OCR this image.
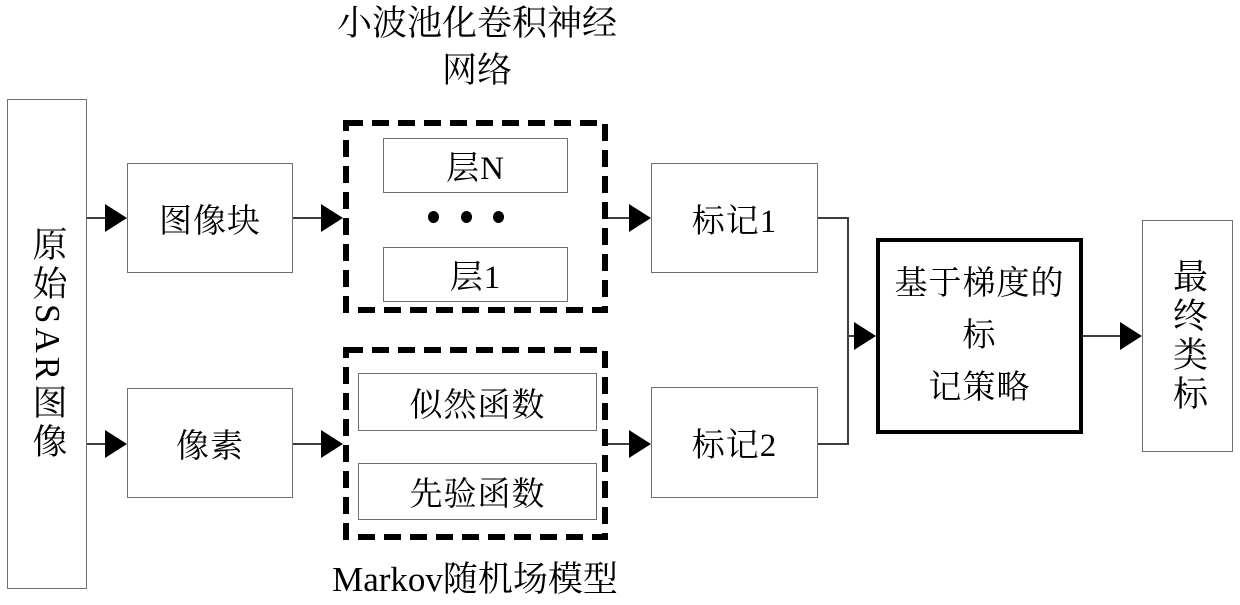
小波池化卷积神经
网络
原始SAR图像
图像块
像素
层N
层1
似然函数
先验函数
Markov随机场模型
标记1
标记2
基于梯度的标
记策略	最终类标
